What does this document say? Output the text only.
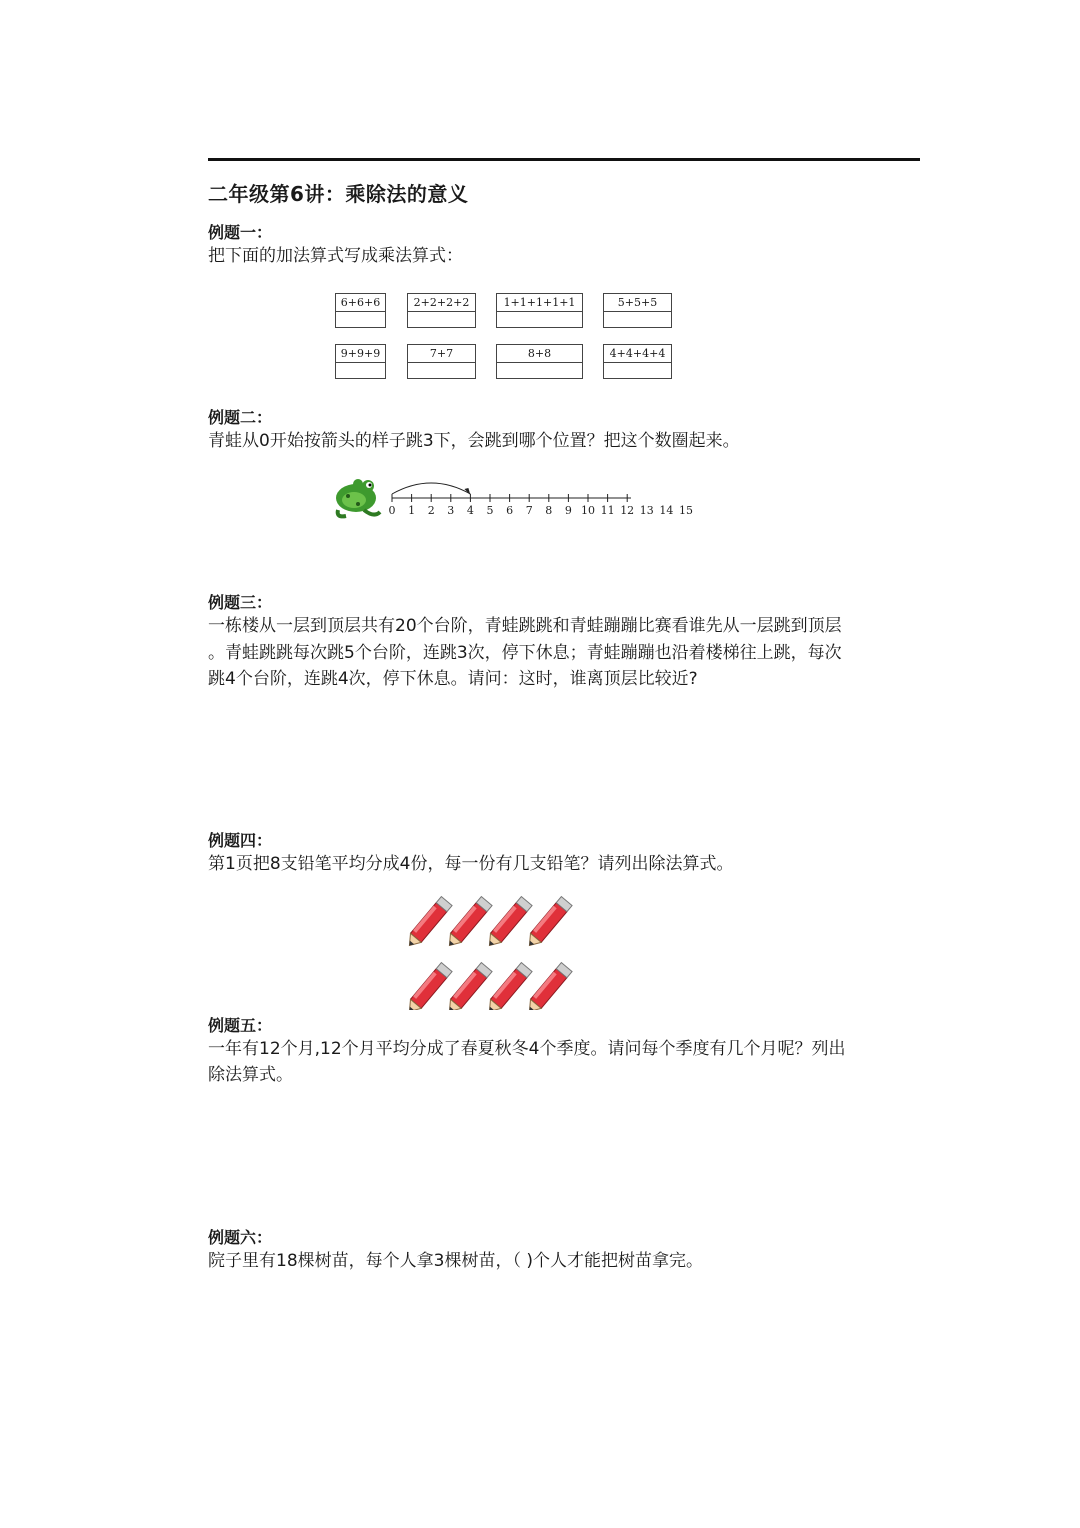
二年级第6讲：乘除法的意义
例题一：
把下面的加法算式写成乘法算式：
6+6+6	2+2+2+2	1+1+1+1+1	5+5+5
9+9+9	7+7	8+8	4+4+4+4
例题二：
青蛙从0开始按箭头的样子跳3下，会跳到哪个位置？把这个数圈起来。
0 1 2 3 4 5 6 7 8 9 10 11 12 13 14 15
例题三：
一栋楼从一层到顶层共有20个台阶，青蛙跳跳和青蛙蹦蹦比赛看谁先从一层跳到顶层
。青蛙跳跳每次跳5个台阶，连跳3次，停下休息；青蛙蹦蹦也沿着楼梯往上跳，每次
跳4个台阶，连跳4次，停下休息。请问：这时，谁离顶层比较近?
例题四：
第1页把8支铅笔平均分成4份，每一份有几支铅笔？请列出除法算式。
例题五：
一年有12个月,12个月平均分成了春夏秋冬4个季度。请问每个季度有几个月呢？列出
除法算式。
例题六：
院子里有18棵树苗，每个人拿3棵树苗，（ )个人才能把树苗拿完。
